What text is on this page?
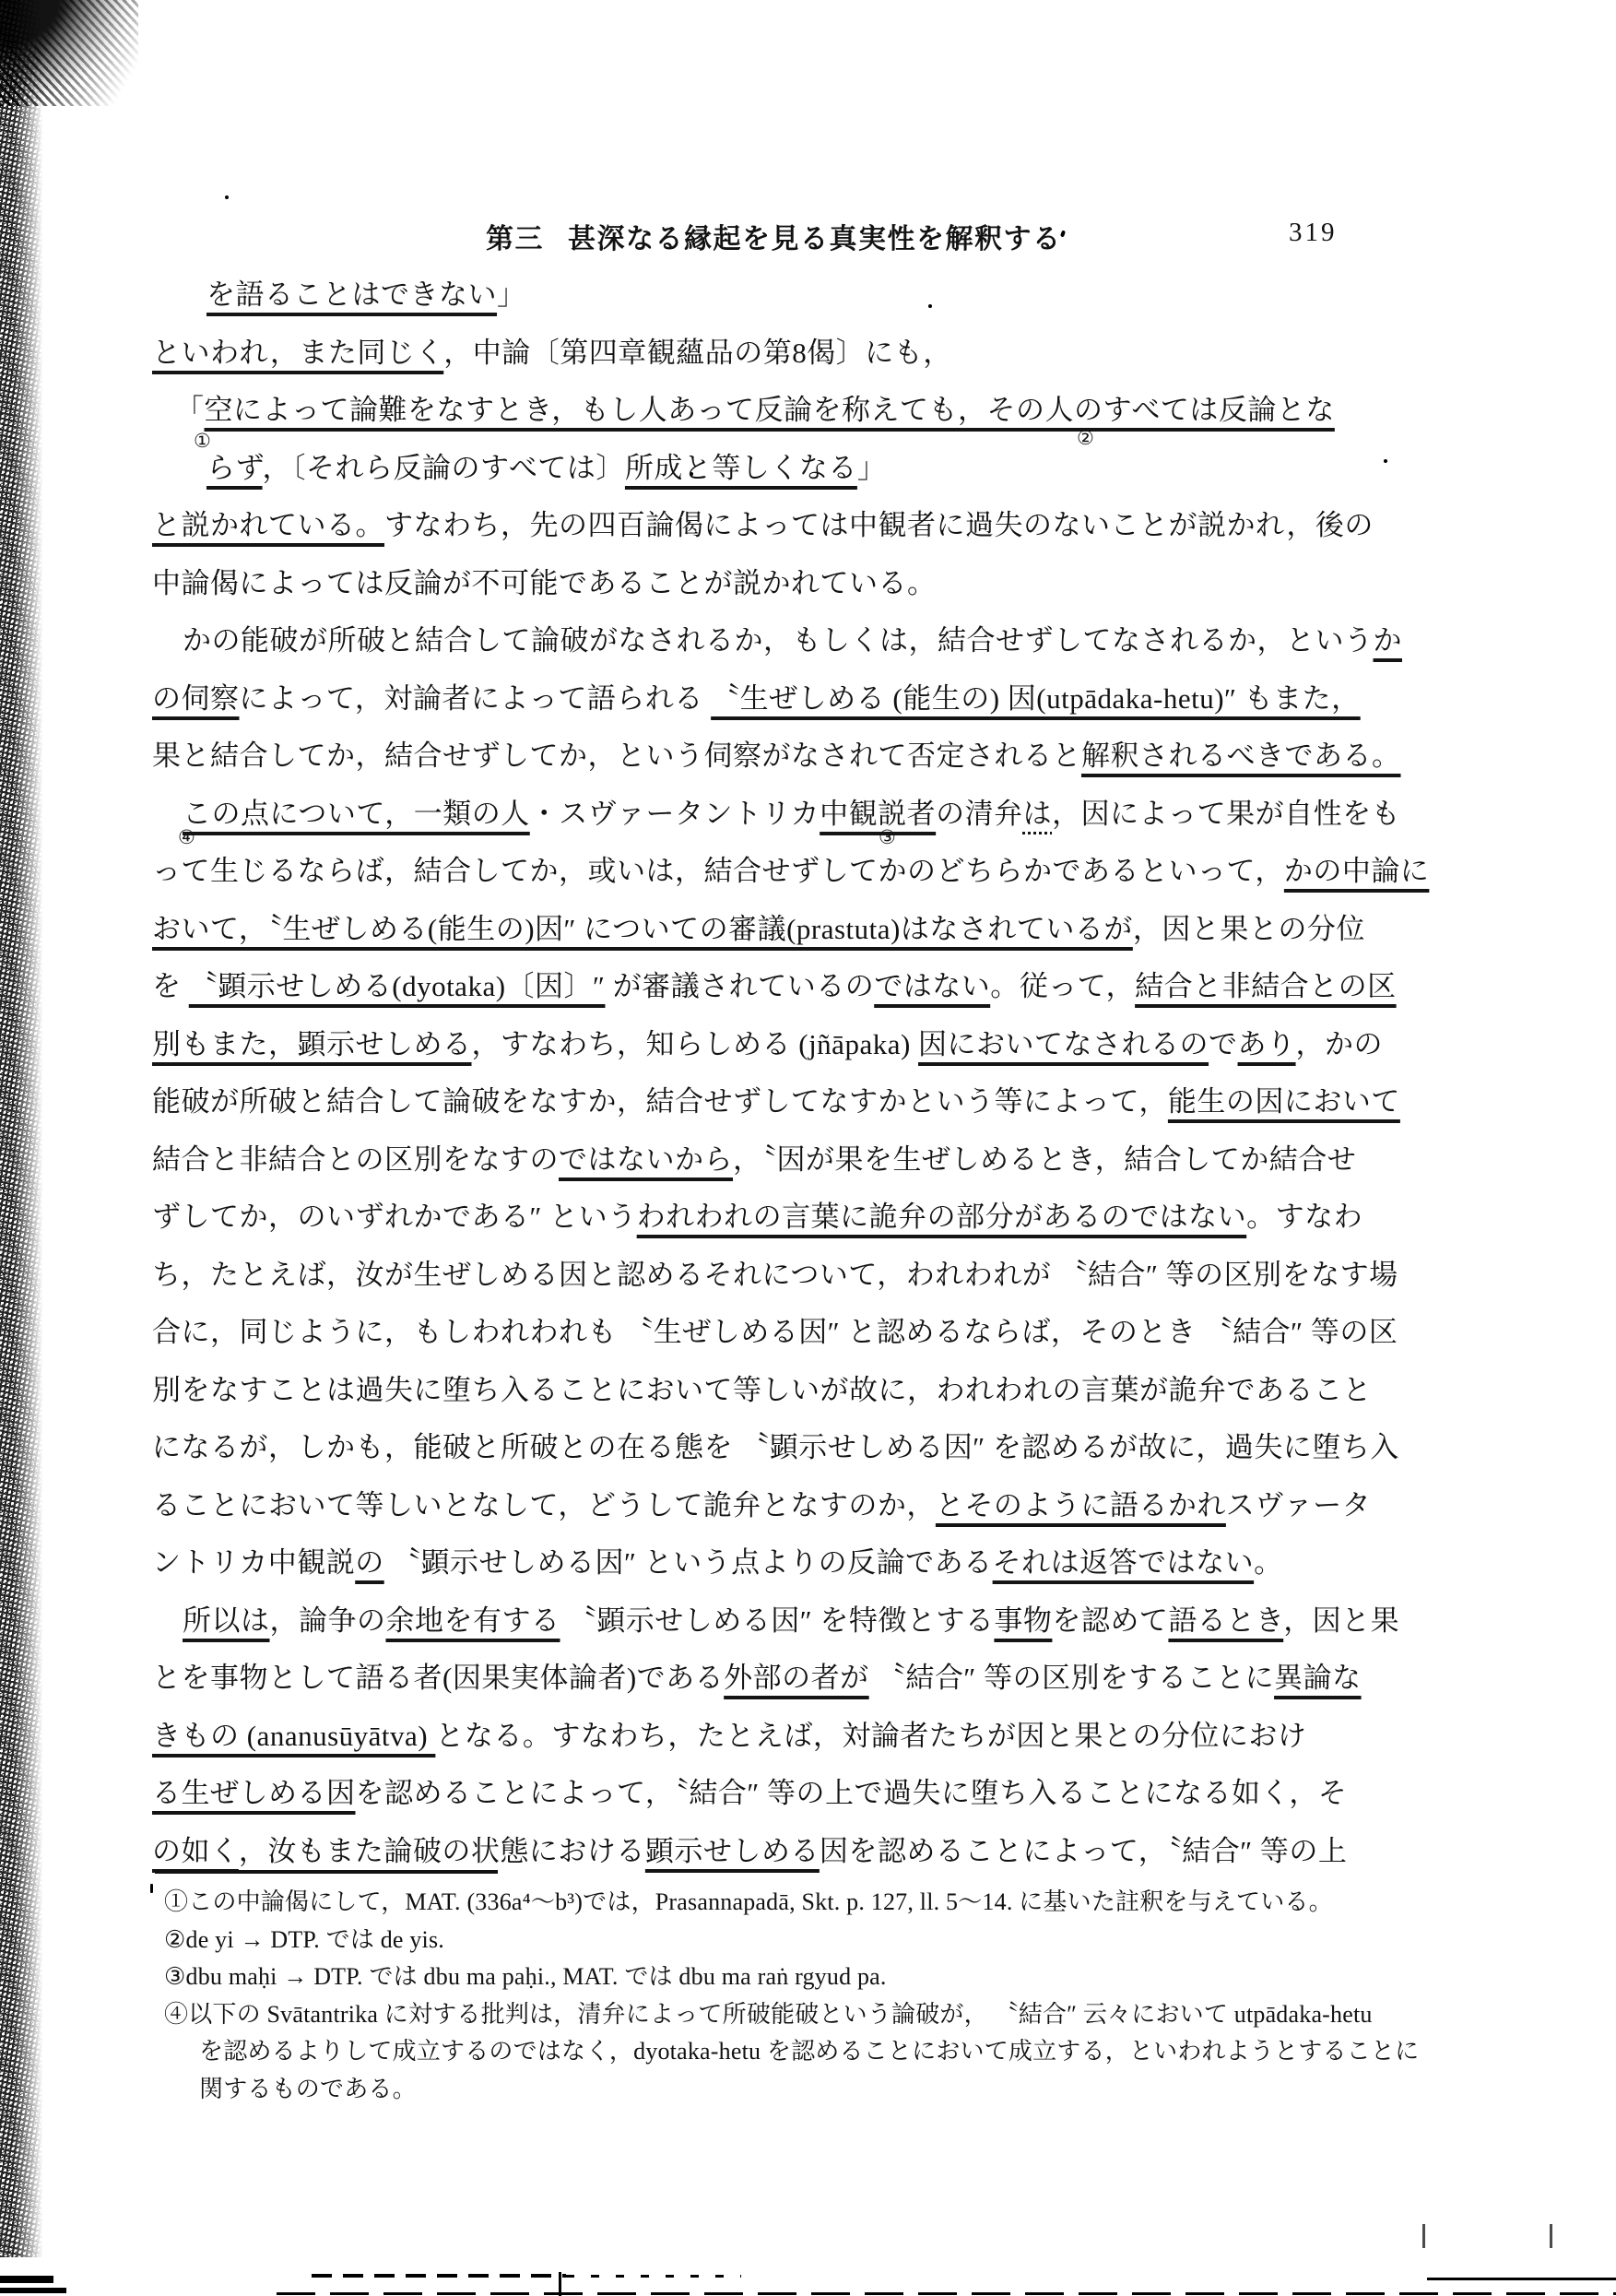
第三 甚深なる縁起を見る真実性を解釈する	319
を語ることはできない」
といわれ，また同じく，中論〔第四章観蘊品の第8偈〕にも，
「空によって論難をなすとき，もし人あって反論を称えても，その人のすべては反論とな
らず，〔それら反論のすべては〕所成と等しくなる」
と説かれている。すなわち，先の四百論偈によっては中観者に過失のないことが説かれ，後の
中論偈によっては反論が不可能であることが説かれている。
かの能破が所破と結合して論破がなされるか，もしくは，結合せずしてなされるか，というか
の伺察によって，対論者によって語られる 〝生ぜしめる (能生の) 因(utpādaka-hetu)″ もまた，
果と結合してか，結合せずしてか，という伺察がなされて否定されると解釈されるべきである。
この点について，一類の人・スヴァータントリカ中観説者の清弁は，因によって果が自性をも
って生じるならば，結合してか，或いは，結合せずしてかのどちらかであるといって，かの中論に
おいて，〝生ぜしめる(能生の)因″ についての審議(prastuta)はなされているが，因と果との分位
を 〝顕示せしめる(dyotaka)〔因〕″ が審議されているのではない。従って，結合と非結合との区
別もまた，顕示せしめる，すなわち，知らしめる (jñāpaka) 因においてなされるのであり，かの
能破が所破と結合して論破をなすか，結合せずしてなすかという等によって，能生の因において
結合と非結合との区別をなすのではないから，〝因が果を生ぜしめるとき，結合してか結合せ
ずしてか，のいずれかである″ というわれわれの言葉に詭弁の部分があるのではない。すなわ
ち，たとえば，汝が生ぜしめる因と認めるそれについて，われわれが 〝結合″ 等の区別をなす場
合に，同じように，もしわれわれも 〝生ぜしめる因″ と認めるならば，そのとき 〝結合″ 等の区
別をなすことは過失に堕ち入ることにおいて等しいが故に，われわれの言葉が詭弁であること
になるが，しかも，能破と所破との在る態を 〝顕示せしめる因″ を認めるが故に，過失に堕ち入
ることにおいて等しいとなして，どうして詭弁となすのか，とそのように語るかれスヴァータ
ントリカ中観説の 〝顕示せしめる因″ という点よりの反論であるそれは返答ではない。
所以は，論争の余地を有する 〝顕示せしめる因″ を特徴とする事物を認めて語るとき，因と果
とを事物として語る者(因果実体論者)である外部の者が 〝結合″ 等の区別をすることに異論な
きもの (ananusūyātva) となる。すなわち，たとえば，対論者たちが因と果との分位におけ
る生ぜしめる因を認めることによって，〝結合″ 等の上で過失に堕ち入ることになる如く，そ
の如く，汝もまた論破の状態における顕示せしめる因を認めることによって，〝結合″ 等の上
①	②
③
④
①この中論偈にして，MAT. (336a⁴〜b³)では，Prasannapadā, Skt. p. 127, ll. 5〜14. に基いた註釈を与えている。
②de yi → DTP. では de yis.
③dbu maḥi → DTP. では dbu ma paḥi., MAT. では dbu ma raṅ rgyud pa.
④以下の Svātantrika に対する批判は，清弁によって所破能破という論破が， 〝結合″ 云々において utpādaka-hetu
を認めるよりして成立するのではなく，dyotaka-hetu を認めることにおいて成立する，といわれようとすることに
関するものである。
